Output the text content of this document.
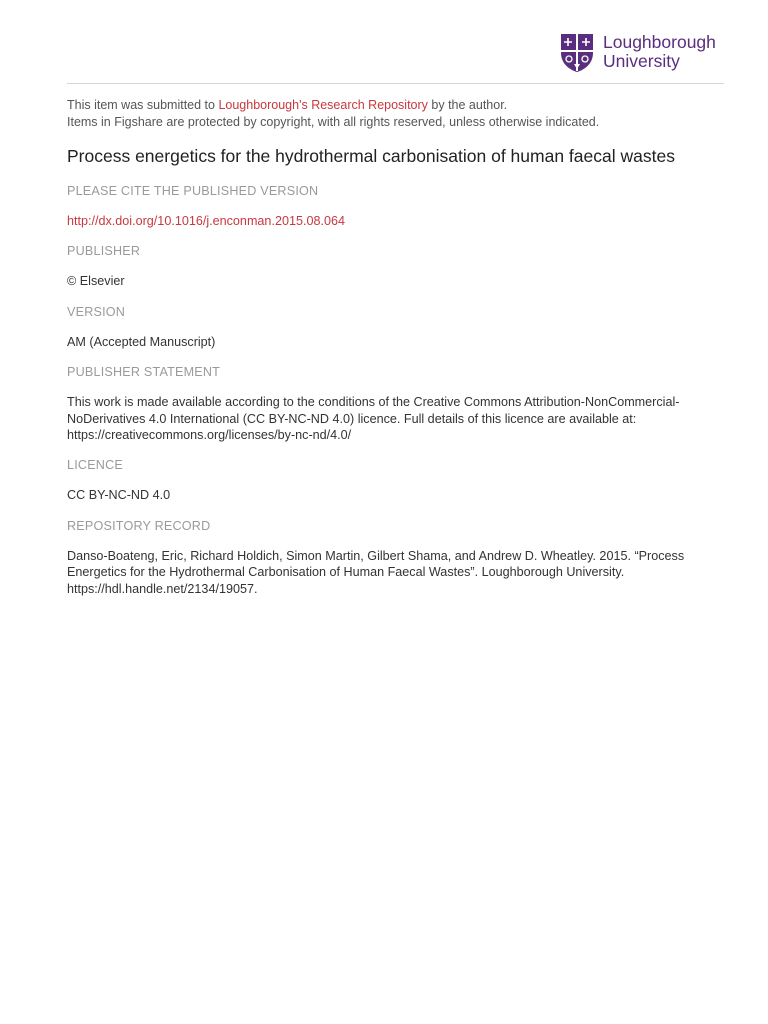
Loughborough
University

This item was submitted to Loughborough's Research Repository by the author.
Items in Figshare are protected by copyright, with all rights reserved, unless otherwise indicated.

Process energetics for the hydrothermal carbonisation of human faecal wastes
PLEASE CITE THE PUBLISHED VERSION
http://dx.doi.org/10.1016/j.enconman.2015.08.064
PUBLISHER
© Elsevier
VERSION
AM (Accepted Manuscript)
PUBLISHER STATEMENT
This work is made available according to the conditions of the Creative Commons Attribution-NonCommercial-NoDerivatives 4.0 International (CC BY-NC-ND 4.0) licence. Full details of this licence are available at: https://creativecommons.org/licenses/by-nc-nd/4.0/
LICENCE
CC BY-NC-ND 4.0
REPOSITORY RECORD
Danso-Boateng, Eric, Richard Holdich, Simon Martin, Gilbert Shama, and Andrew D. Wheatley. 2015. “Process Energetics for the Hydrothermal Carbonisation of Human Faecal Wastes”. Loughborough University. https://hdl.handle.net/2134/19057.
